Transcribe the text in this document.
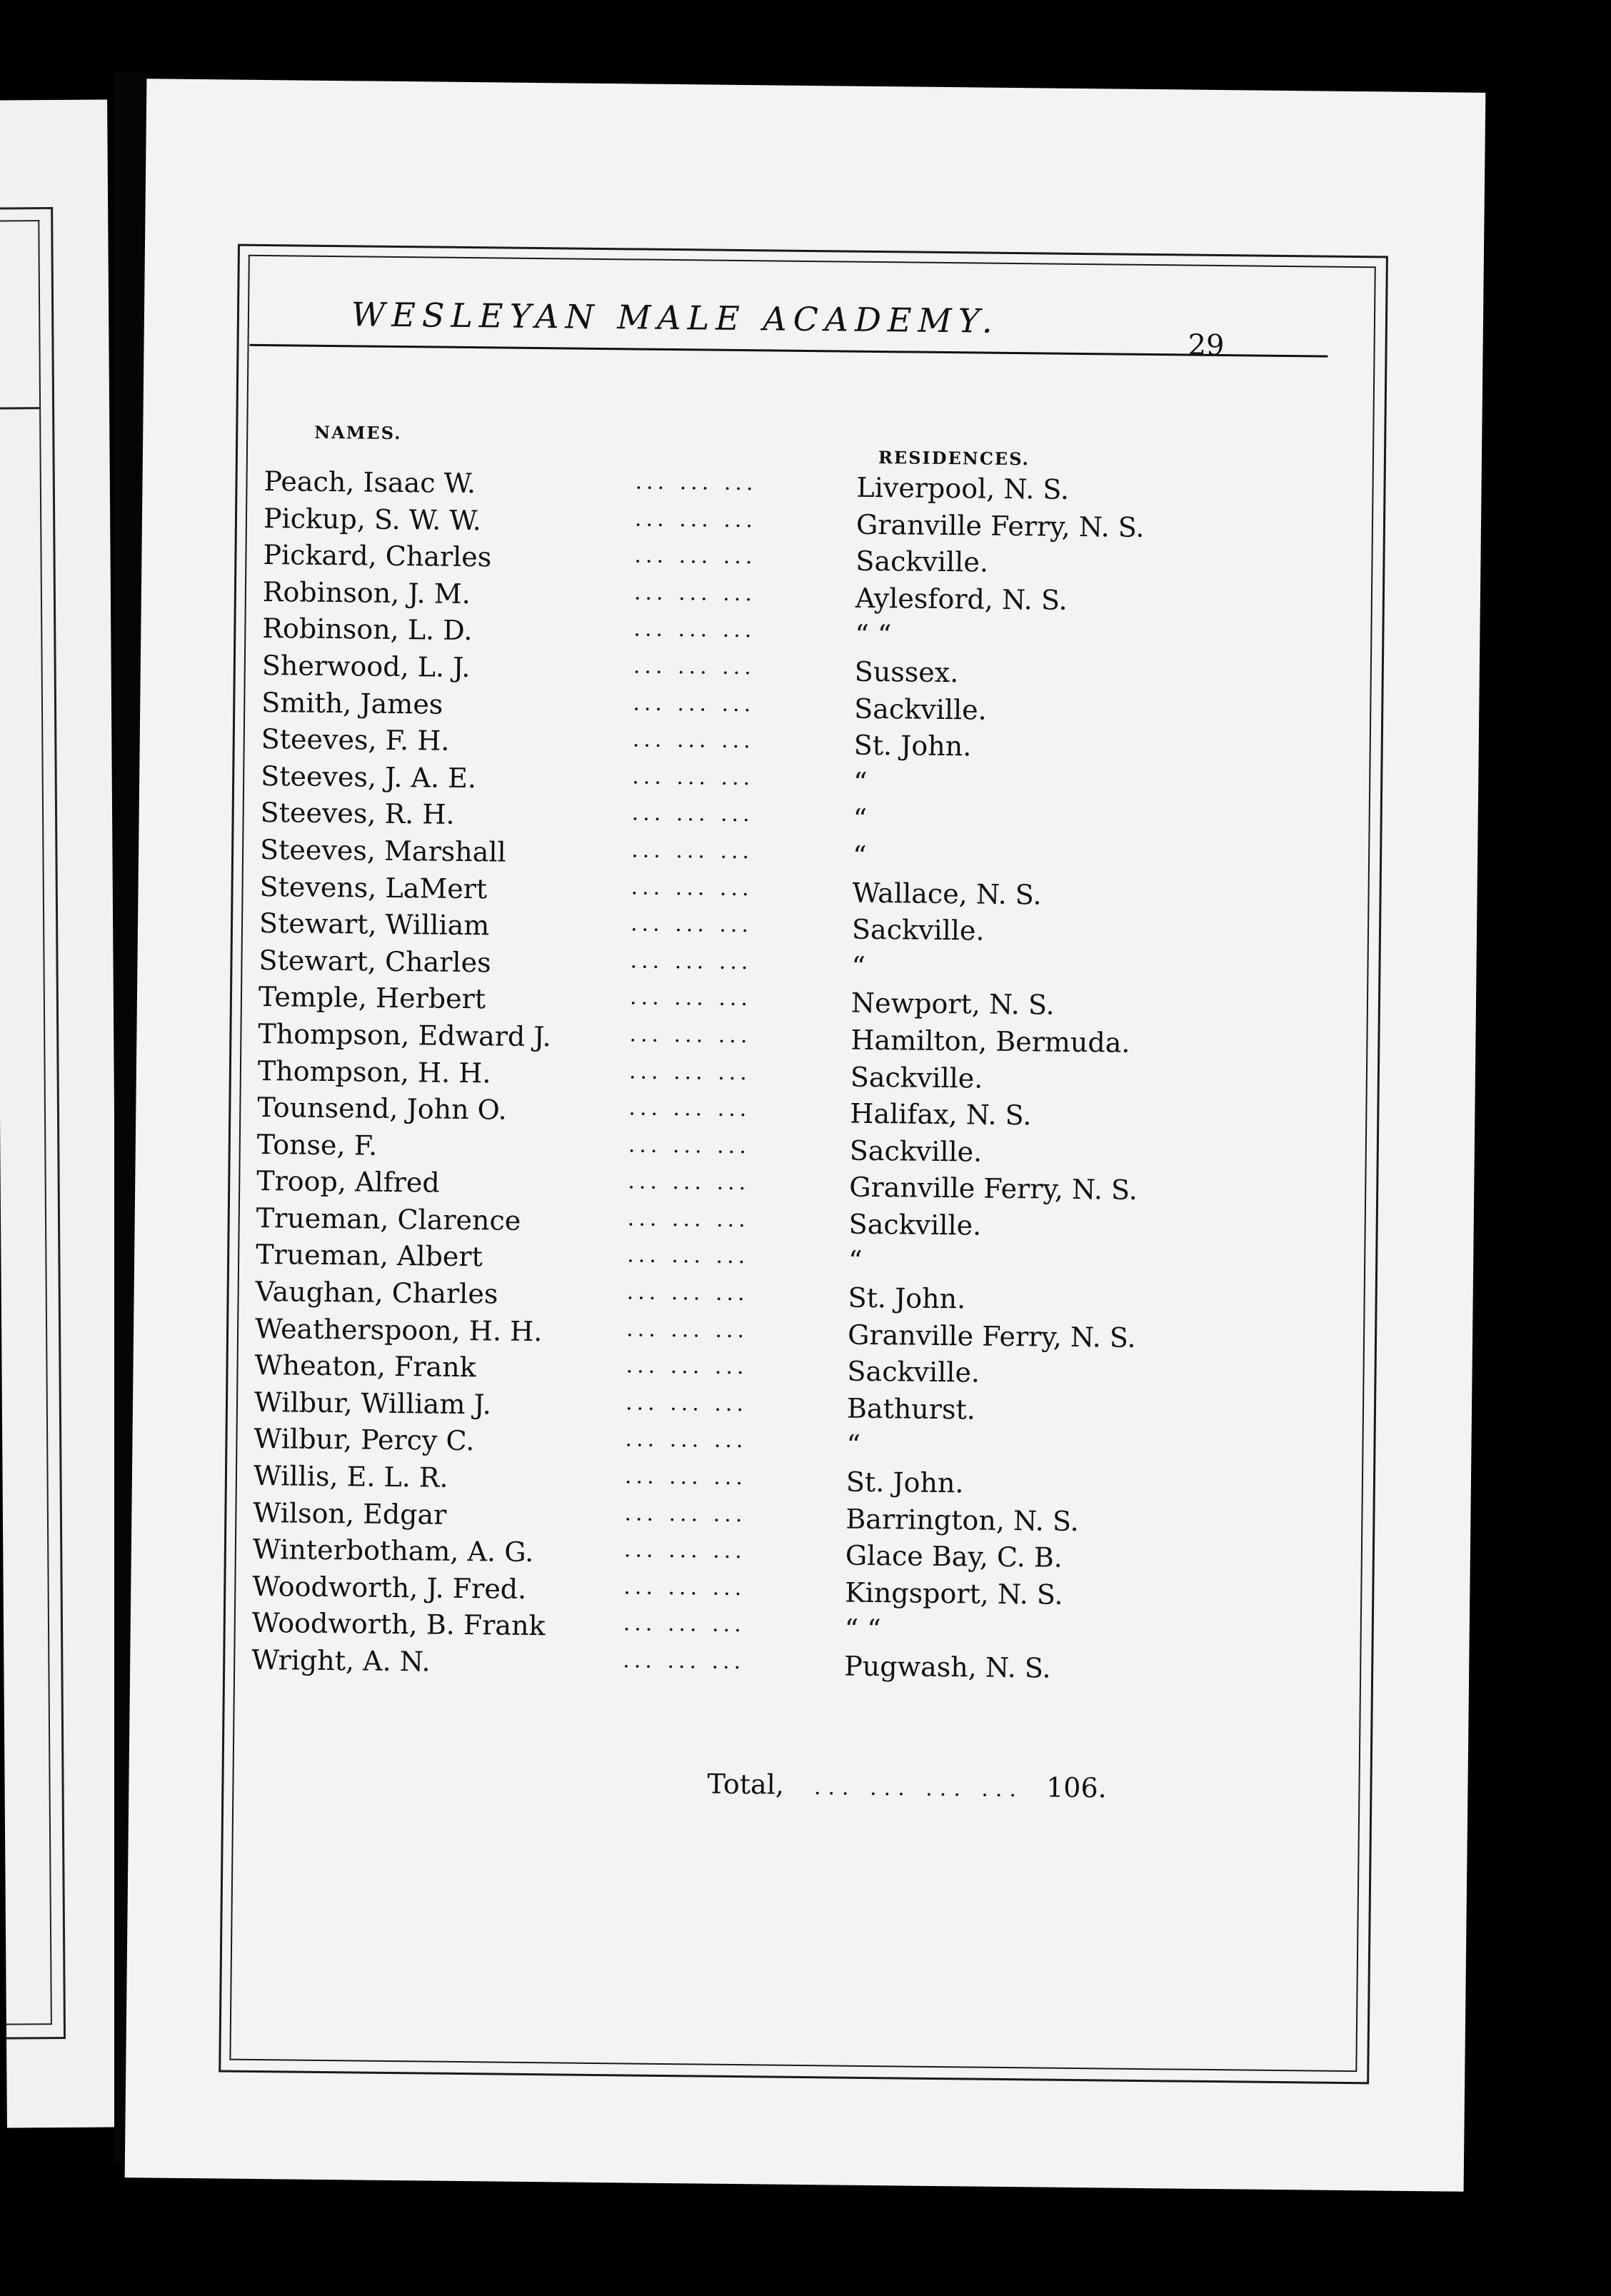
WESLEYAN MALE ACADEMY.
29
NAMES.
RESIDENCES.
Peach, Isaac W.	... ... ...	Liverpool, N. S.
Pickup, S. W. W.	... ... ...	Granville Ferry, N. S.
Pickard, Charles	... ... ...	Sackville.
Robinson, J. M.	... ... ...	Aylesford, N. S.
Robinson, L. D.	... ... ...	“ “
Sherwood, L. J.	... ... ...	Sussex.
Smith, James	... ... ...	Sackville.
Steeves, F. H.	... ... ...	St. John.
Steeves, J. A. E.	... ... ...	“
Steeves, R. H.	... ... ...	“
Steeves, Marshall	... ... ...	“
Stevens, LaMert	... ... ...	Wallace, N. S.
Stewart, William	... ... ...	Sackville.
Stewart, Charles	... ... ...	“
Temple, Herbert	... ... ...	Newport, N. S.
Thompson, Edward J.	... ... ...	Hamilton, Bermuda.
Thompson, H. H.	... ... ...	Sackville.
Tounsend, John O.	... ... ...	Halifax, N. S.
Tonse, F.	... ... ...	Sackville.
Troop, Alfred	... ... ...	Granville Ferry, N. S.
Trueman, Clarence	... ... ...	Sackville.
Trueman, Albert	... ... ...	“
Vaughan, Charles	... ... ...	St. John.
Weatherspoon, H. H.	... ... ...	Granville Ferry, N. S.
Wheaton, Frank	... ... ...	Sackville.
Wilbur, William J.	... ... ...	Bathurst.
Wilbur, Percy C.	... ... ...	“
Willis, E. L. R.	... ... ...	St. John.
Wilson, Edgar	... ... ...	Barrington, N. S.
Winterbotham, A. G.	... ... ...	Glace Bay, C. B.
Woodworth, J. Fred.	... ... ...	Kingsport, N. S.
Woodworth, B. Frank	... ... ...	“ “
Wright, A. N.	... ... ...	Pugwash, N. S.
Total, ... ... ... ... 106.
